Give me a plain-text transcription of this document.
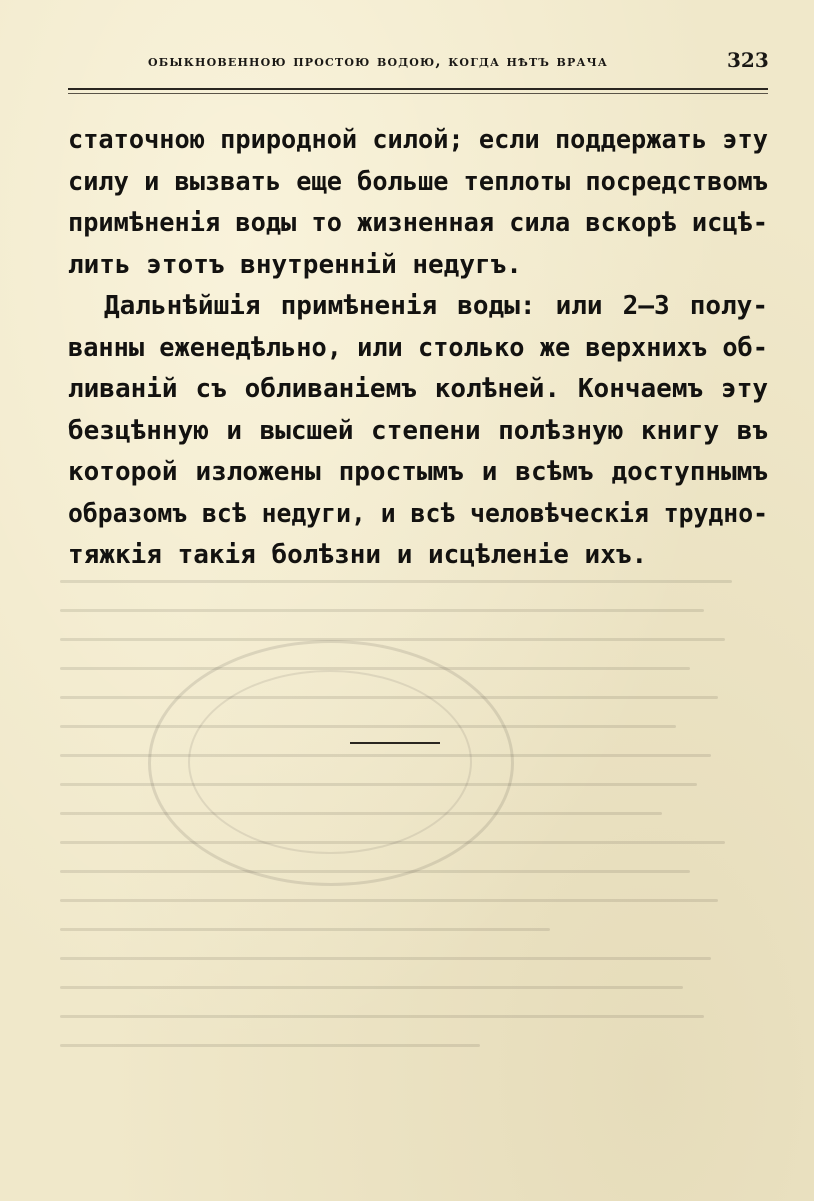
обыкновенною простою водою, когда нѣтъ врача	323
статочною природной силой; если поддержать эту
силу и вызвать еще больше теплоты посредствомъ
примѣненія воды то жизненная сила вскорѣ исцѣ-
лить этотъ внутренній недугъ.
Дальнѣйшія примѣненія воды: или 2—3 полу-
ванны еженедѣльно, или столько же верхнихъ об-
ливаній съ обливаніемъ колѣней. Кончаемъ эту
безцѣнную и высшей степени полѣзную книгу въ
которой изложены простымъ и всѣмъ доступнымъ
образомъ всѣ недуги, и всѣ человѣческія трудно-
тяжкія такія болѣзни и исцѣленіе ихъ.
